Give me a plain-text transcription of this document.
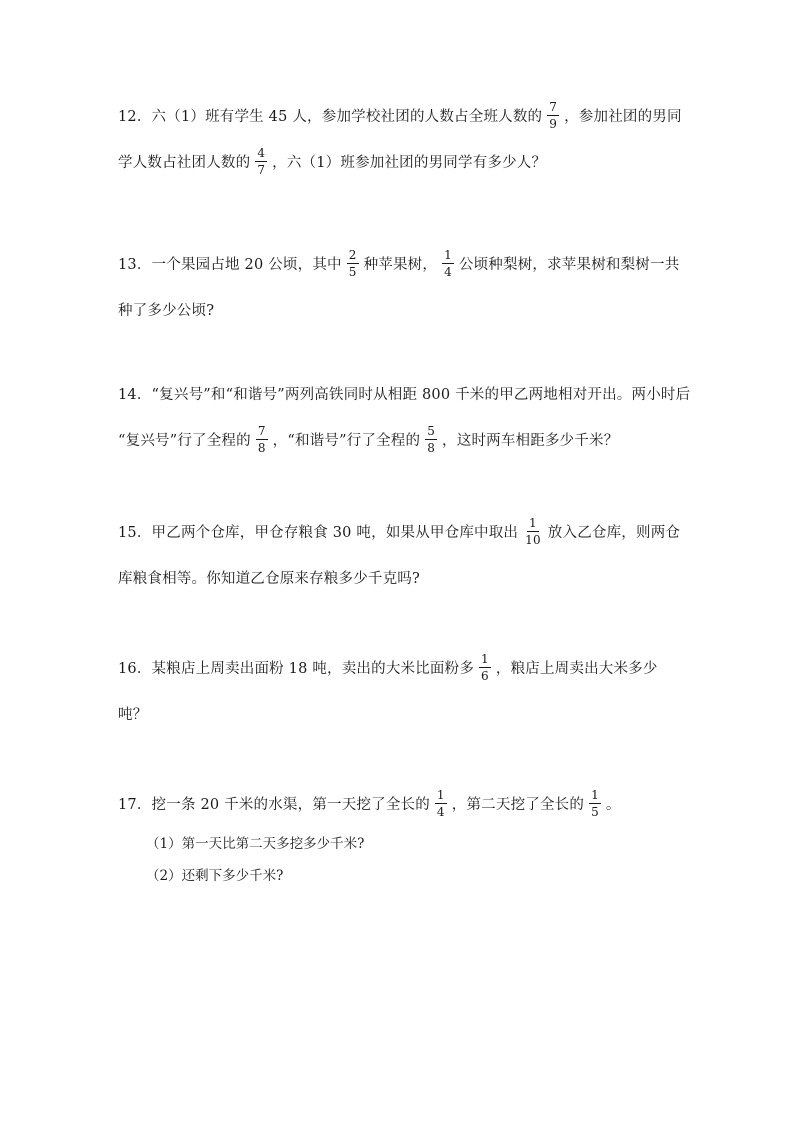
12．六（1）班有学生 45 人，参加学校社团的人数占全班人数的 $\frac{7}{9}$ ，参加社团的男同
学人数占社团人数的 $\frac{4}{7}$ ，六（1）班参加社团的男同学有多少人？
13．一个果园占地 20 公顷，其中 $\frac{2}{5}$ 种苹果树， $\frac{1}{4}$ 公顷种梨树，求苹果树和梨树一共
种了多少公顷?
14．“复兴号”和“和谐号”两列高铁同时从相距 800 千米的甲乙两地相对开出。两小时后
“复兴号”行了全程的 $\frac{7}{8}$ ，“和谐号”行了全程的 $\frac{5}{8}$ ，这时两车相距多少千米？
15．甲乙两个仓库，甲仓存粮食 30 吨，如果从甲仓库中取出 $\frac{1}{10}$ 放入乙仓库，则两仓
库粮食相等。你知道乙仓原来存粮多少千克吗?
16．某粮店上周卖出面粉 18 吨，卖出的大米比面粉多 $\frac{1}{6}$ ，粮店上周卖出大米多少
吨？
17．挖一条 20 千米的水渠，第一天挖了全长的 $\frac{1}{4}$ ，第二天挖了全长的 $\frac{1}{5}$ 。
（1）第一天比第二天多挖多少千米?
（2）还剩下多少千米?
